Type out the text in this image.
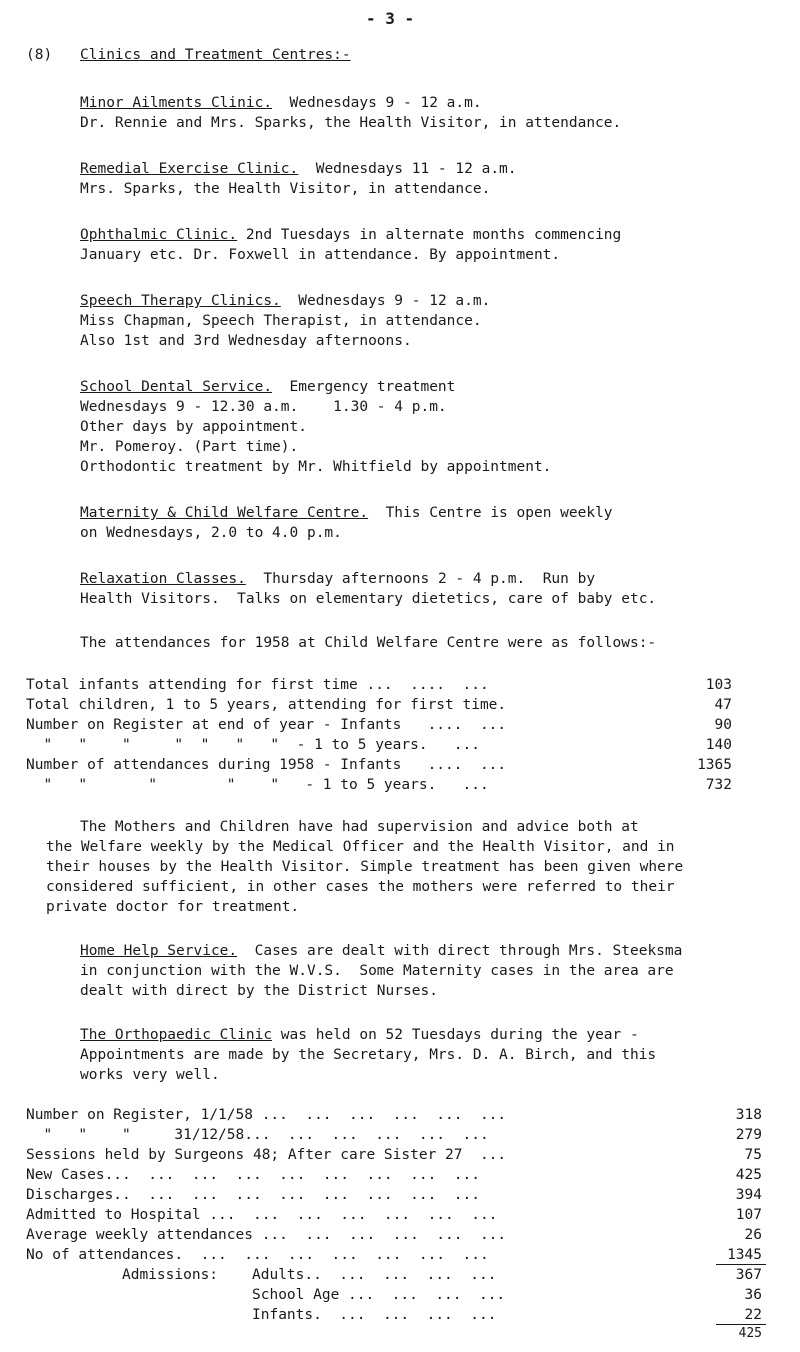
- 3 -
(8) Clinics and Treatment Centres:-
Minor Ailments Clinic. Wednesdays 9 - 12 a.m.
Dr. Rennie and Mrs. Sparks, the Health Visitor, in attendance.
Remedial Exercise Clinic. Wednesdays 11 - 12 a.m.
Mrs. Sparks, the Health Visitor, in attendance.
Ophthalmic Clinic. 2nd Tuesdays in alternate months commencing
January etc. Dr. Foxwell in attendance. By appointment.
Speech Therapy Clinics. Wednesdays 9 - 12 a.m.
Miss Chapman, Speech Therapist, in attendance.
Also 1st and 3rd Wednesday afternoons.
School Dental Service. Emergency treatment
Wednesdays 9 - 12.30 a.m.    1.30 - 4 p.m.
Other days by appointment.
Mr. Pomeroy. (Part time).
Orthodontic treatment by Mr. Whitfield by appointment.
Maternity & Child Welfare Centre. This Centre is open weekly
on Wednesdays, 2.0 to 4.0 p.m.
Relaxation Classes. Thursday afternoons 2 - 4 p.m.  Run by
Health Visitors.  Talks on elementary dietetics, care of baby etc.
The attendances for 1958 at Child Welfare Centre were as follows:-
Total infants attending for first time ...  ....  ...	103
Total children, 1 to 5 years, attending for first time.	47
Number on Register at end of year - Infants   ....  ...	90
"   "    "     "  "   "   "  - 1 to 5 years.   ...	140
Number of attendances during 1958 - Infants   ....  ...	1365
"   "       "        "    "   - 1 to 5 years.   ...	732
The Mothers and Children have had supervision and advice both at
the Welfare weekly by the Medical Officer and the Health Visitor, and in
their houses by the Health Visitor. Simple treatment has been given where
considered sufficient, in other cases the mothers were referred to their
private doctor for treatment.
Home Help Service. Cases are dealt with direct through Mrs. Steeksma
in conjunction with the W.V.S.  Some Maternity cases in the area are
dealt with direct by the District Nurses.
The Orthopaedic Clinic was held on 52 Tuesdays during the year -
Appointments are made by the Secretary, Mrs. D. A. Birch, and this
works very well.
Number on Register, 1/1/58 ...  ...  ...  ...  ...  ...	318
"   "    "     31/12/58...  ...  ...  ...  ...  ...	279
Sessions held by Surgeons 48; After care Sister 27  ...	75
New Cases...  ...  ...  ...  ...  ...  ...  ...  ...	425
Discharges..  ...  ...  ...  ...  ...  ...  ...  ...	394
Admitted to Hospital ...  ...  ...  ...  ...  ...  ...	107
Average weekly attendances ...  ...  ...  ...  ...  ...	26
No of attendances.  ...  ...  ...  ...  ...  ...  ...	1345
Admissions: Adults..  ...  ...  ...  ...	367
School Age ...  ...  ...  ...	36
Infants.  ...  ...  ...  ...	22
425
